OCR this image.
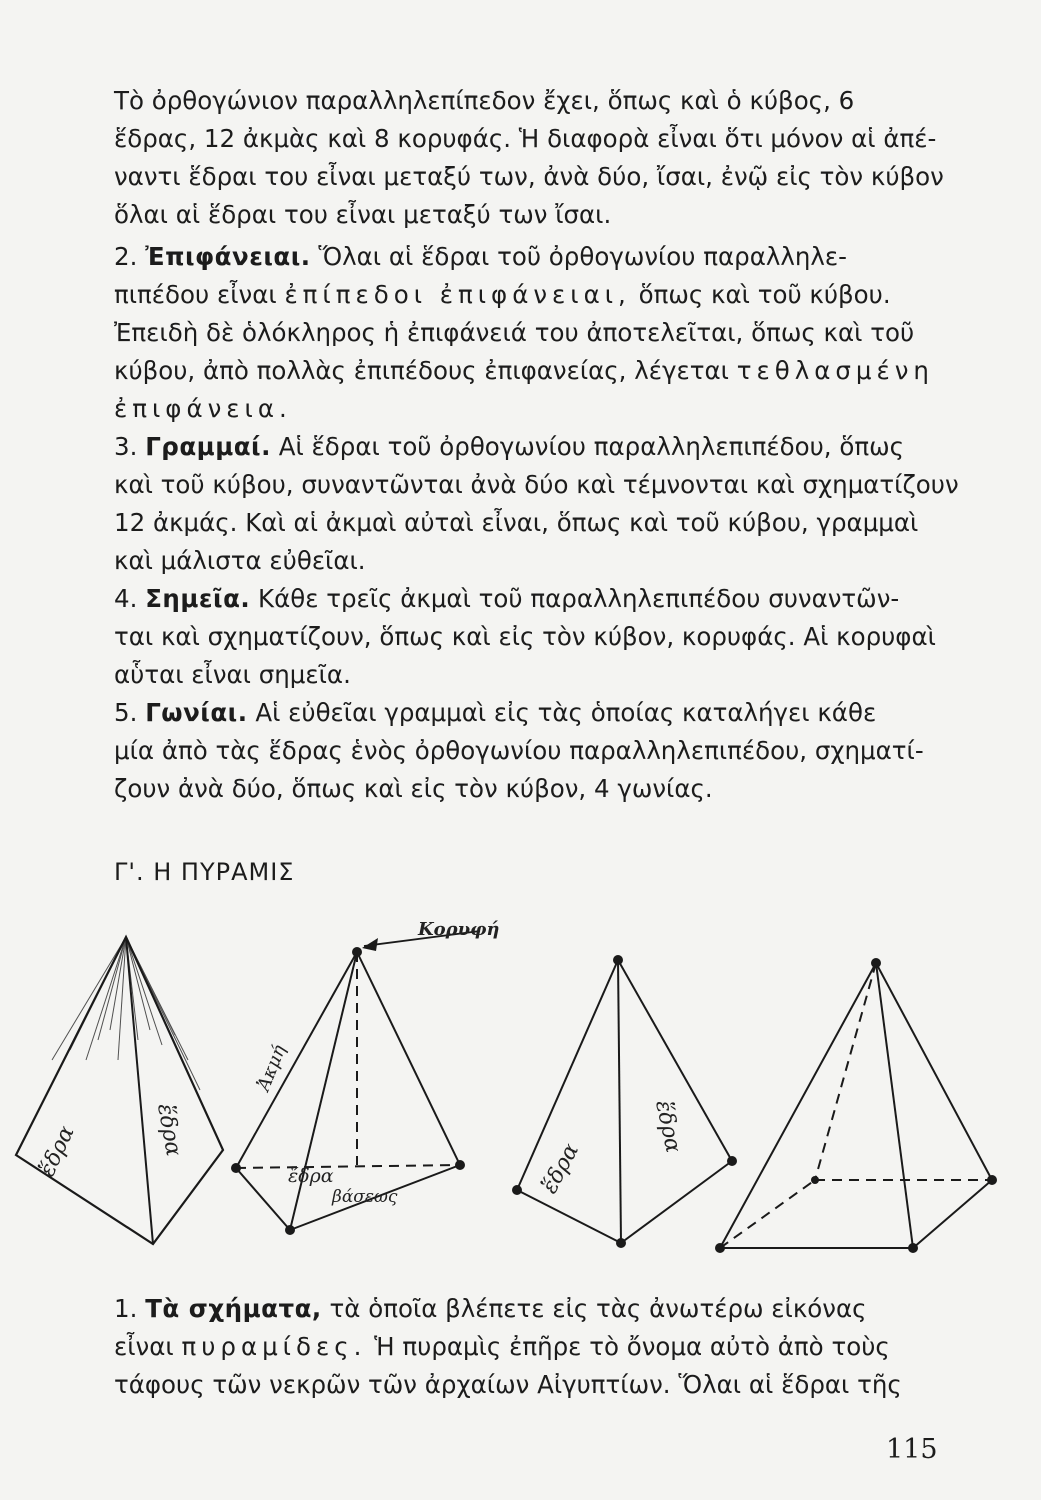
Τὸ ὀρθογώνιον παραλληλεπίπεδον ἔχει, ὅπως καὶ ὁ κύβος, 6
ἕδρας, 12 ἀκμὰς καὶ 8 κορυφάς. Ἡ διαφορὰ εἶναι ὅτι μόνον αἱ ἀπέ-
ναντι ἕδραι του εἶναι μεταξύ των, ἀνὰ δύο, ἴσαι, ἐνῷ εἰς τὸν κύβον
ὅλαι αἱ ἕδραι του εἶναι μεταξύ των ἴσαι.

2. Ἐπιφάνειαι. Ὅλαι αἱ ἕδραι τοῦ ὀρθογωνίου παραλληλε-
πιπέδου εἶναι ἐπίπεδοι ἐπιφάνειαι, ὅπως καὶ τοῦ κύβου.
Ἐπειδὴ δὲ ὁλόκληρος ἡ ἐπιφάνειά του ἀποτελεῖται, ὅπως καὶ τοῦ
κύβου, ἀπὸ πολλὰς ἐπιπέδους ἐπιφανείας, λέγεται τεθλασμένη
ἐπιφάνεια.
3. Γραμμαί. Αἱ ἕδραι τοῦ ὀρθογωνίου παραλληλεπιπέδου, ὅπως
καὶ τοῦ κύβου, συναντῶνται ἀνὰ δύο καὶ τέμνονται καὶ σχηματίζουν
12 ἀκμάς. Καὶ αἱ ἀκμαὶ αὐταὶ εἶναι, ὅπως καὶ τοῦ κύβου, γραμμαὶ
καὶ μάλιστα εὐθεῖαι.
4. Σημεῖα. Κάθε τρεῖς ἀκμαὶ τοῦ παραλληλεπιπέδου συναντῶν-
ται καὶ σχηματίζουν, ὅπως καὶ εἰς τὸν κύβον, κορυφάς. Αἱ κορυφαὶ
αὗται εἶναι σημεῖα.
5. Γωνίαι. Αἱ εὐθεῖαι γραμμαὶ εἰς τὰς ὁποίας καταλήγει κάθε
μία ἀπὸ τὰς ἕδρας ἑνὸς ὀρθογωνίου παραλληλεπιπέδου, σχηματί-
ζουν ἀνὰ δύο, ὅπως καὶ εἰς τὸν κύβον, 4 γωνίας.
Γ'. Η ΠΥΡΑΜΙΣ
ἕδρα	ἕδρα
Κορυφή
Ἀκμή
ἕδρα
βάσεως	ἕδρα
ἕδρα
1. Τὰ σχήματα, τὰ ὁποῖα βλέπετε εἰς τὰς ἀνωτέρω εἰκόνας
εἶναι πυραμίδες. Ἡ πυραμὶς ἐπῆρε τὸ ὄνομα αὐτὸ ἀπὸ τοὺς
τάφους τῶν νεκρῶν τῶν ἀρχαίων Αἰγυπτίων. Ὅλαι αἱ ἕδραι τῆς
115
